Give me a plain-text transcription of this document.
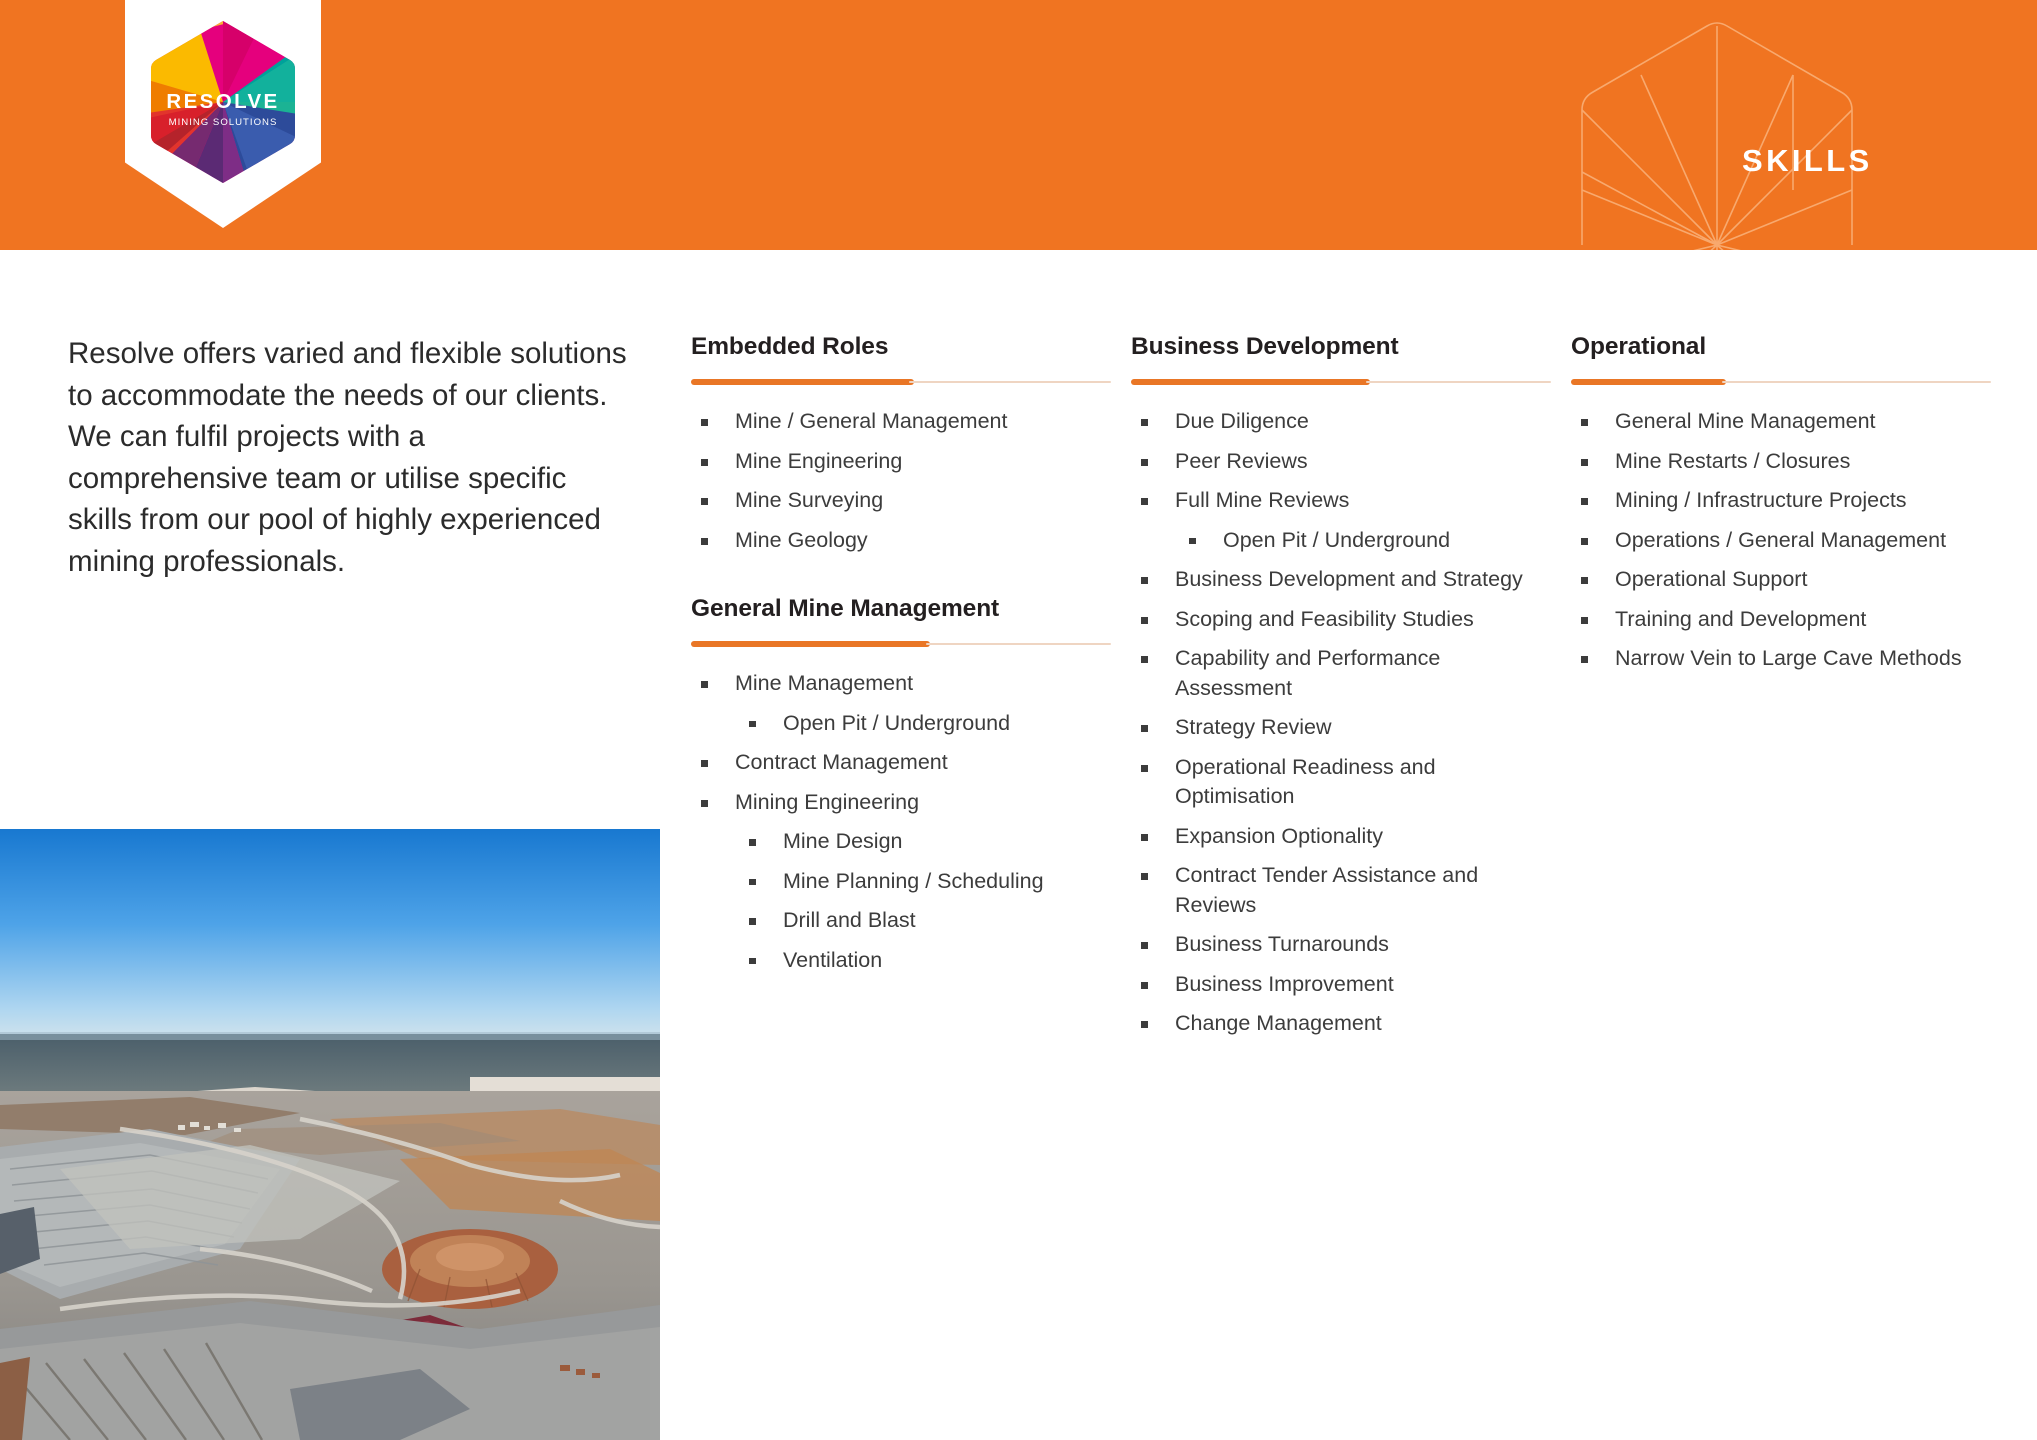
SKILLS
RESOLVE
MINING SOLUTIONS

Resolve offers varied and flexible solutions to accommodate the needs of our clients. We can fulfil projects with a comprehensive team or utilise specific skills from our pool of highly experienced mining professionals.

Embedded Roles
Mine / General Management
Mine Engineering
Mine Surveying
Mine Geology
General Mine Management
Mine Management
Open Pit / Underground
Contract Management
Mining Engineering
Mine Design
Mine Planning / Scheduling
Drill and Blast
Ventilation
Business Development
Due Diligence
Peer Reviews
Full Mine Reviews
Open Pit / Underground
Business Development and Strategy
Scoping and Feasibility Studies
Capability and Performance Assessment
Strategy Review
Operational Readiness and Optimisation
Expansion Optionality
Contract Tender Assistance and Reviews
Business Turnarounds
Business Improvement
Change Management
Operational
General Mine Management
Mine Restarts / Closures
Mining / Infrastructure Projects
Operations / General Management
Operational Support
Training and Development
Narrow Vein to Large Cave Methods
